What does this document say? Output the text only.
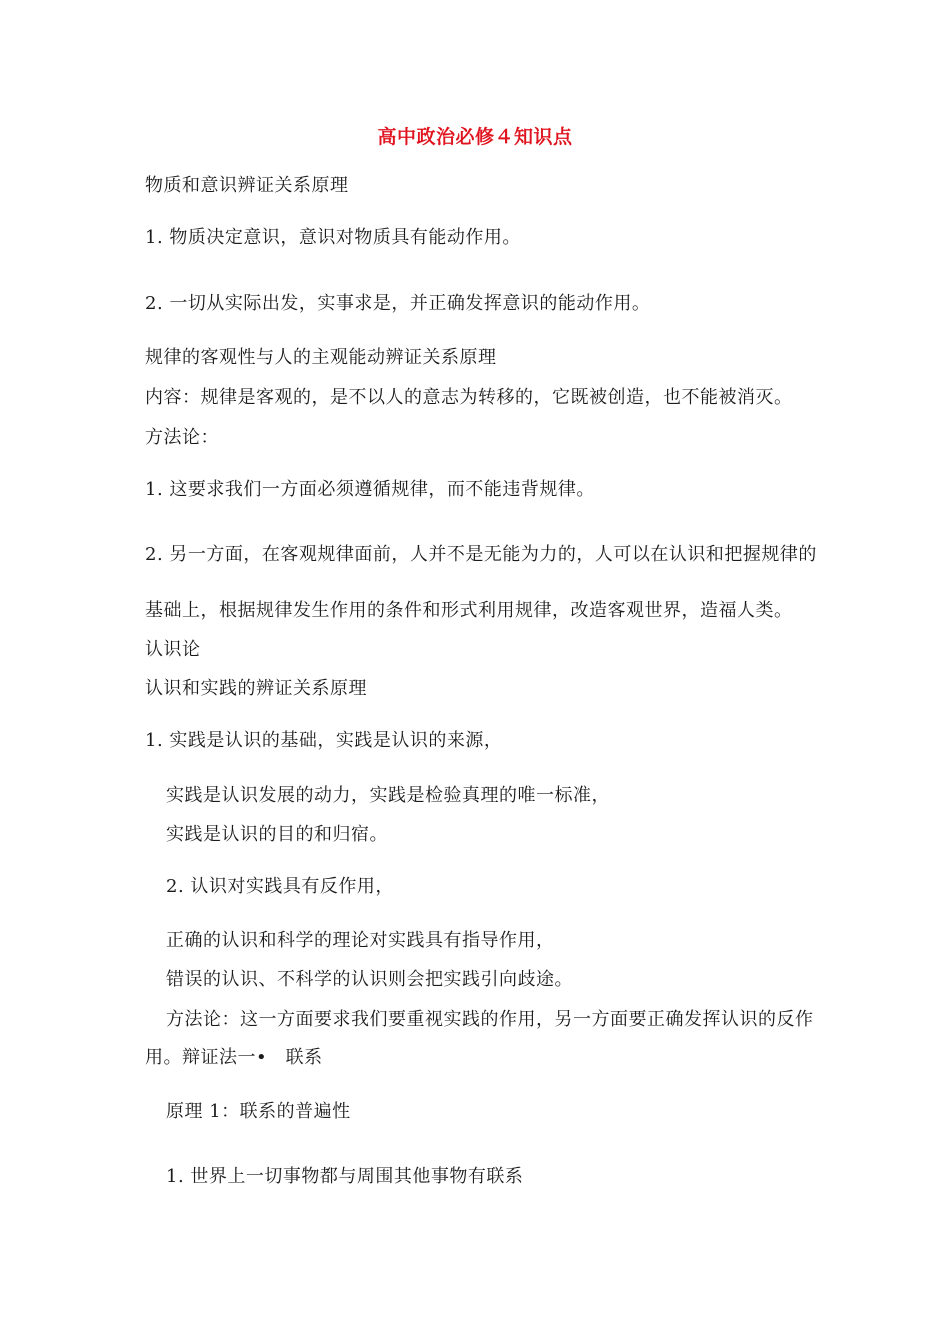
高中政治必修４知识点
物质和意识辨证关系原理
1. 物质决定意识，意识对物质具有能动作用。
2. 一切从实际出发，实事求是，并正确发挥意识的能动作用。
规律的客观性与人的主观能动辨证关系原理
内容：规律是客观的，是不以人的意志为转移的，它既被创造，也不能被消灭。
方法论：
1. 这要求我们一方面必须遵循规律，而不能违背规律。
2. 另一方面，在客观规律面前，人并不是无能为力的，人可以在认识和把握规律的
基础上，根据规律发生作用的条件和形式利用规律，改造客观世界，造福人类。
认识论
认识和实践的辨证关系原理
1. 实践是认识的基础，实践是认识的来源，
实践是认识发展的动力，实践是检验真理的唯一标准，
实践是认识的目的和归宿。
2. 认识对实践具有反作用，
正确的认识和科学的理论对实践具有指导作用，
错误的认识、不科学的认识则会把实践引向歧途。
方法论：这一方面要求我们要重视实践的作用，另一方面要正确发挥认识的反作
用。辩证法一•　联系
原理 1：联系的普遍性
1. 世界上一切事物都与周围其他事物有联系
